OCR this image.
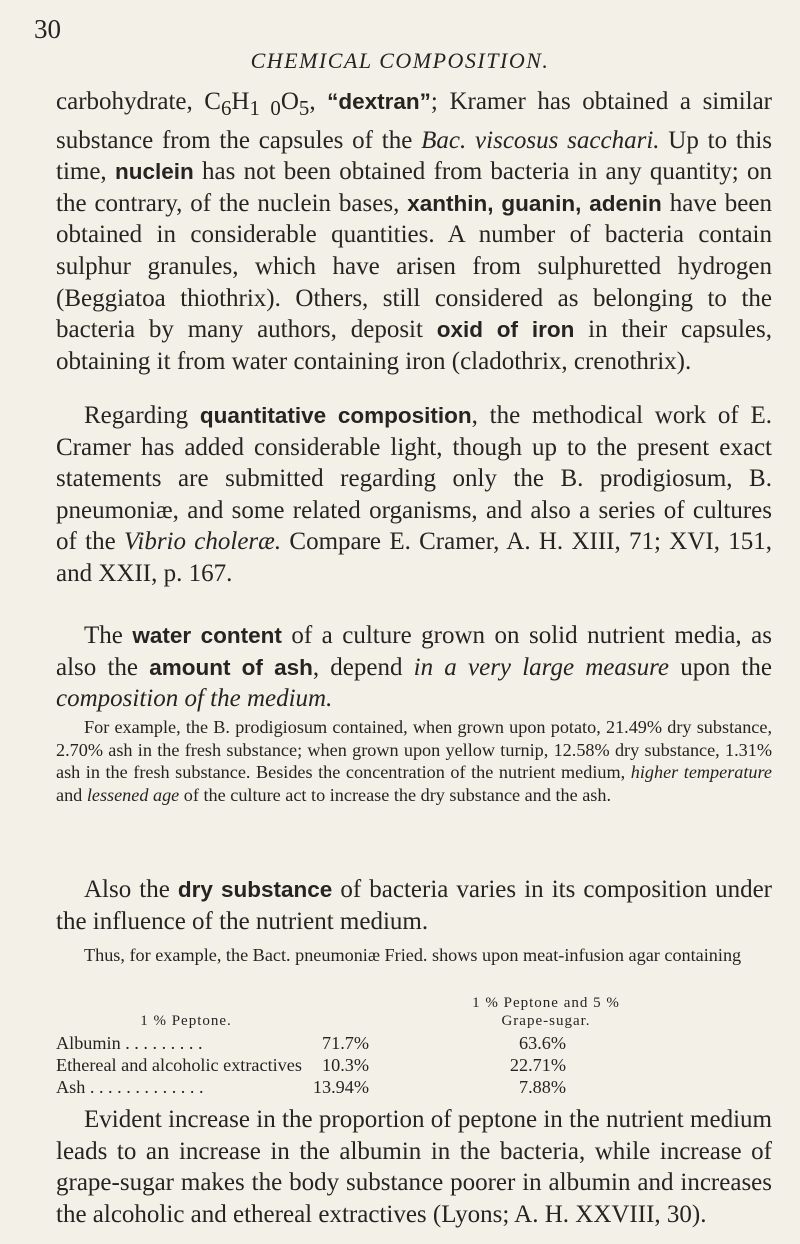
30
CHEMICAL COMPOSITION.

carbohydrate, $C_6H_{1 0}O_5$, “dextran”; Kramer has obtained a similar substance from the capsules of the Bac. viscosus sacchari. Up to this time, nuclein has not been obtained from bacteria in any quantity; on the contrary, of the nuclein bases, xanthin, guanin, adenin have been obtained in considerable quantities. A number of bacteria contain sulphur granules, which have arisen from sulphuretted hydrogen (Beggiatoa thiothrix). Others, still considered as belonging to the bacteria by many authors, deposit oxid of iron in their capsules, obtaining it from water containing iron (cladothrix, crenothrix).

Regarding quantitative composition, the methodical work of E. Cramer has added considerable light, though up to the present exact statements are submitted regarding only the B. prodigiosum, B. pneumoniæ, and some related organisms, and also a series of cultures of the Vibrio choleræ. Compare E. Cramer, A. H. XIII, 71; XVI, 151, and XXII, p. 167.

The water content of a culture grown on solid nutrient media, as also the amount of ash, depend in a very large measure upon the composition of the medium.

For example, the B. prodigiosum contained, when grown upon potato, 21.49% dry substance, 2.70% ash in the fresh substance; when grown upon yellow turnip, 12.58% dry substance, 1.31% ash in the fresh substance. Besides the concentration of the nutrient medium, higher temperature and lessened age of the culture act to increase the dry substance and the ash.

Also the dry substance of bacteria varies in its composition under the influence of the nutrient medium.

Thus, for example, the Bact. pneumoniæ Fried. shows upon meat-infusion agar containing

1 % Peptone.
1 % Peptone and 5 %
Grape-sugar.
Albumin . . . . . . . . .	71.7%	63.6%
Ethereal and alcoholic extractives	10.3%	22.71%
Ash . . . . . . . . . . . . .	13.94%	7.88%

Evident increase in the proportion of peptone in the nutrient medium leads to an increase in the albumin in the bacteria, while increase of grape-sugar makes the body substance poorer in albumin and increases the alcoholic and ethereal extractives (Lyons; A. H. XXVIII, 30).
